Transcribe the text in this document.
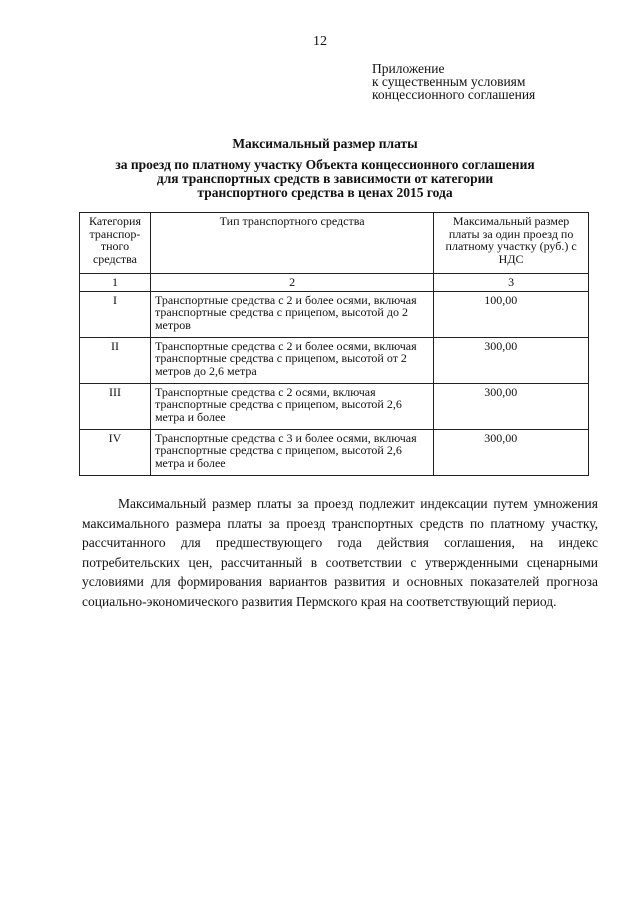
12
Приложение
к существенным условиям
концессионного соглашения
Максимальный размер платы
за проезд по платному участку Объекта концессионного соглашения
для транспортных средств в зависимости от категории
транспортного средства в ценах 2015 года
Категория транспор-тного средства	Тип транспортного средства	Максимальный размер платы за один проезд по платному участку (руб.) с НДС
1	2	3
I	Транспортные средства с 2 и более осями, включая транспортные средства с прицепом, высотой до 2 метров	100,00
II	Транспортные средства с 2 и более осями, включая транспортные средства с прицепом, высотой от 2 метров до 2,6 метра	300,00
III	Транспортные средства с 2 осями, включая транспортные средства с прицепом, высотой 2,6 метра и более	300,00
IV	Транспортные средства с 3 и более осями, включая транспортные средства с прицепом, высотой 2,6 метра и более	300,00
Максимальный размер платы за проезд подлежит индексации путем умножения максимального размера платы за проезд транспортных средств по платному участку, рассчитанного для предшествующего года действия соглашения, на индекс потребительских цен, рассчитанный в соответствии с утвержденными сценарными условиями для формирования вариантов развития и основных показателей прогноза социально-экономического развития Пермского края на соответствующий период.
